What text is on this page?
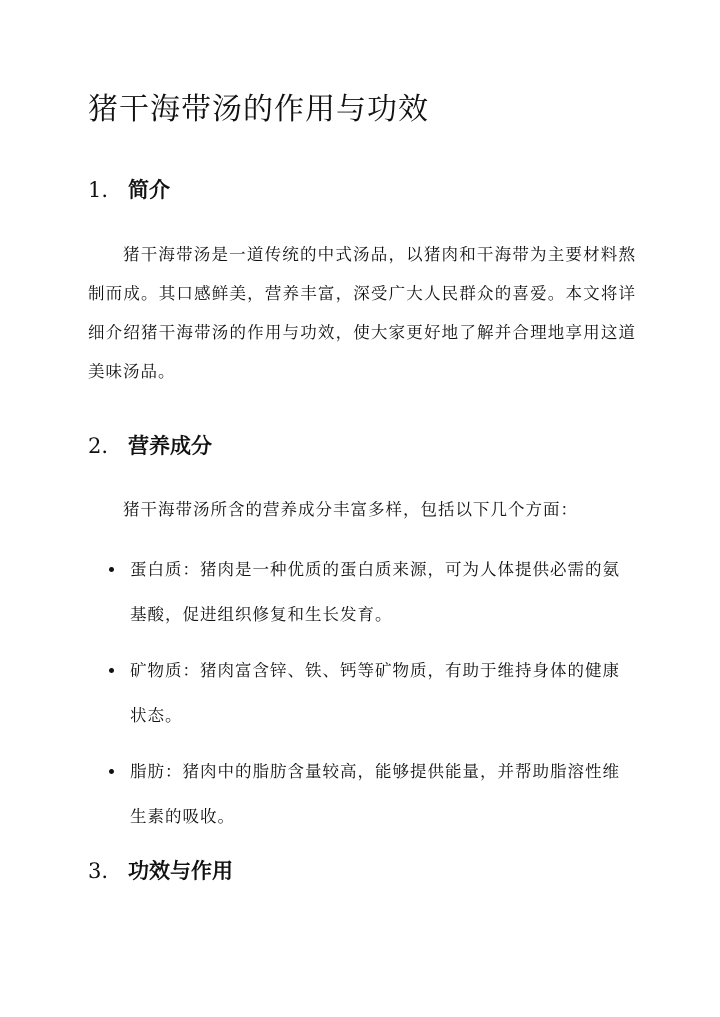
猪干海带汤的作用与功效
1. 简介

猪干海带汤是一道传统的中式汤品，以猪肉和干海带为主要材料熬制而成。其口感鲜美，营养丰富，深受广大人民群众的喜爱。本文将详细介绍猪干海带汤的作用与功效，使大家更好地了解并合理地享用这道美味汤品。

2. 营养成分

猪干海带汤所含的营养成分丰富多样，包括以下几个方面：

蛋白质：猪肉是一种优质的蛋白质来源，可为人体提供必需的氨基酸，促进组织修复和生长发育。
矿物质：猪肉富含锌、铁、钙等矿物质，有助于维持身体的健康状态。
脂肪：猪肉中的脂肪含量较高，能够提供能量，并帮助脂溶性维生素的吸收。
3. 功效与作用
